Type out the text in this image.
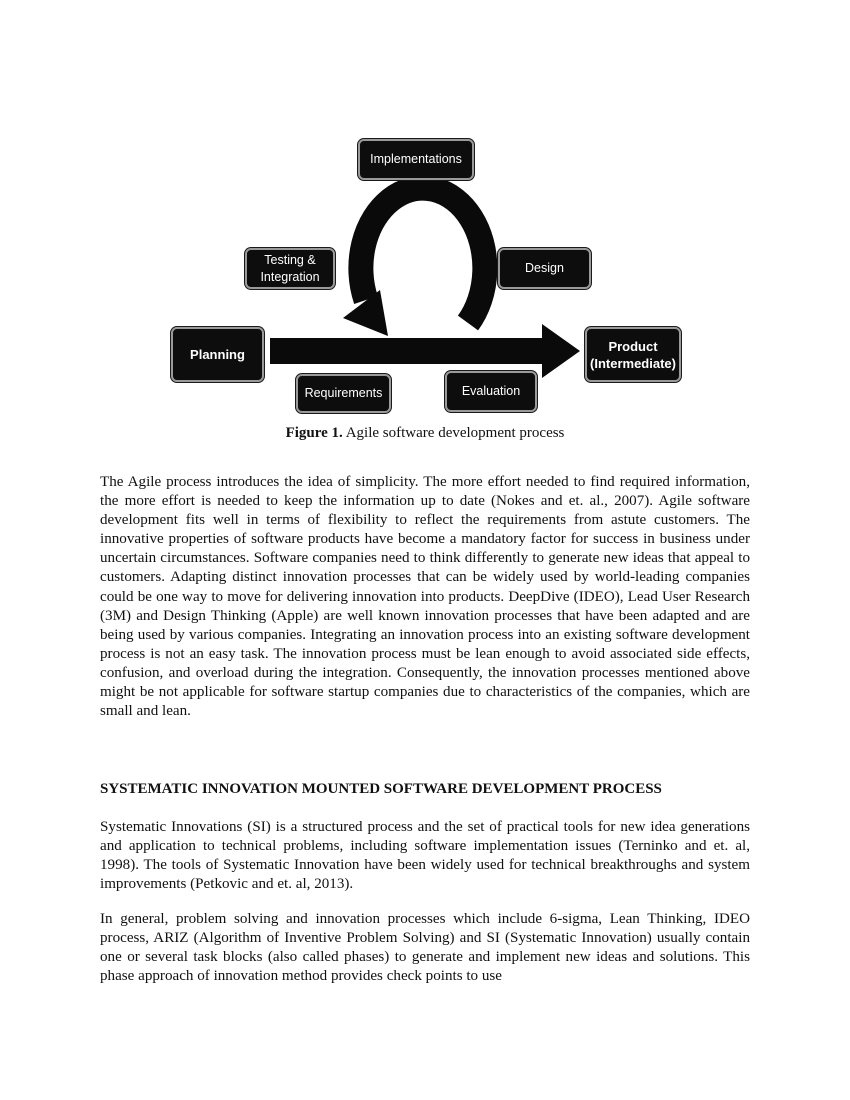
Implementations
Testing &
Integration
Design
Planning
Product
(Intermediate)
Requirements	Evaluation
Figure 1. Agile software development process

The Agile process introduces the idea of simplicity. The more effort needed to find required information, the more effort is needed to keep the information up to date (Nokes and et. al., 2007). Agile software development fits well in terms of flexibility to reflect the requirements from astute customers. The innovative properties of software products have become a mandatory factor for success in business under uncertain circumstances. Software companies need to think differently to generate new ideas that appeal to customers. Adapting distinct innovation processes that can be widely used by world-leading companies could be one way to move for delivering innovation into products. DeepDive (IDEO), Lead User Research (3M) and Design Thinking (Apple) are well known innovation processes that have been adapted and are being used by various companies. Integrating an innovation process into an existing software development process is not an easy task. The innovation process must be lean enough to avoid associated side effects, confusion, and overload during the integration. Consequently, the innovation processes mentioned above might be not applicable for software startup companies due to characteristics of the companies, which are small and lean.

SYSTEMATIC INNOVATION MOUNTED SOFTWARE DEVELOPMENT PROCESS

Systematic Innovations (SI) is a structured process and the set of practical tools for new idea generations and application to technical problems, including software implementation issues (Terninko and et. al, 1998). The tools of Systematic Innovation have been widely used for technical breakthroughs and system improvements (Petkovic and et. al, 2013).

In general, problem solving and innovation processes which include 6-sigma, Lean Thinking, IDEO process, ARIZ (Algorithm of Inventive Problem Solving) and SI (Systematic Innovation) usually contain one or several task blocks (also called phases) to generate and implement new ideas and solutions. This phase approach of innovation method provides check points to use
